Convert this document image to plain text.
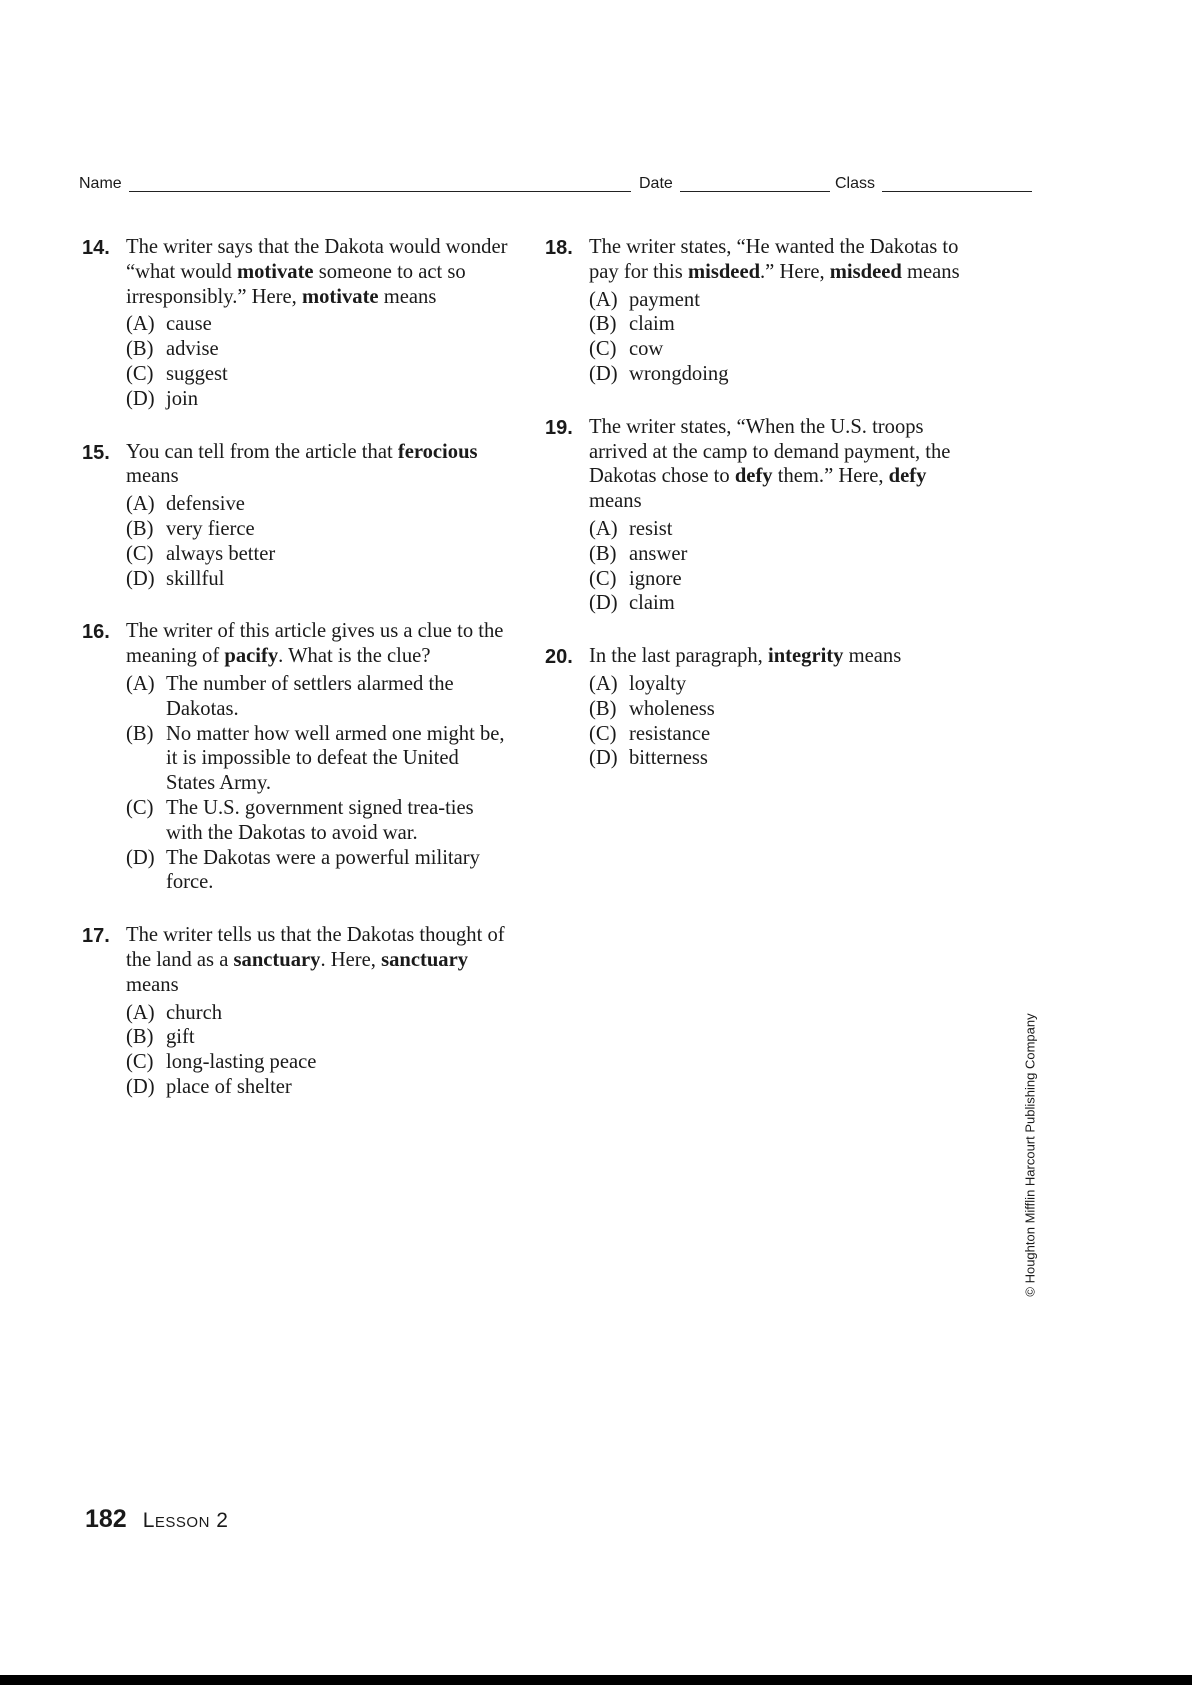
Name	Date	Class
14. The writer says that the Dakota would wonder “what would motivate someone to act so irresponsibly.” Here, motivate means
(A) cause
(B) advise
(C) suggest
(D) join
15. You can tell from the article that ferocious means
(A) defensive
(B) very fierce
(C) always better
(D) skillful
16. The writer of this article gives us a clue to the meaning of pacify. What is the clue?
(A) The number of settlers alarmed the Dakotas.
(B) No matter how well armed one might be, it is impossible to defeat the United States Army.
(C) The U.S. government signed trea-ties with the Dakotas to avoid war.
(D) The Dakotas were a powerful military force.
17. The writer tells us that the Dakotas thought of the land as a sanctuary. Here, sanctuary means
(A) church
(B) gift
(C) long-lasting peace
(D) place of shelter
18. The writer states, “He wanted the Dakotas to pay for this misdeed.” Here, misdeed means
(A) payment
(B) claim
(C) cow
(D) wrongdoing
19. The writer states, “When the U.S. troops arrived at the camp to demand payment, the Dakotas chose to defy them.” Here, defy means
(A) resist
(B) answer
(C) ignore
(D) claim
20. In the last paragraph, integrity means
(A) loyalty
(B) wholeness
(C) resistance
(D) bitterness
182 Lesson 2
© Houghton Mifflin Harcourt Publishing Company
